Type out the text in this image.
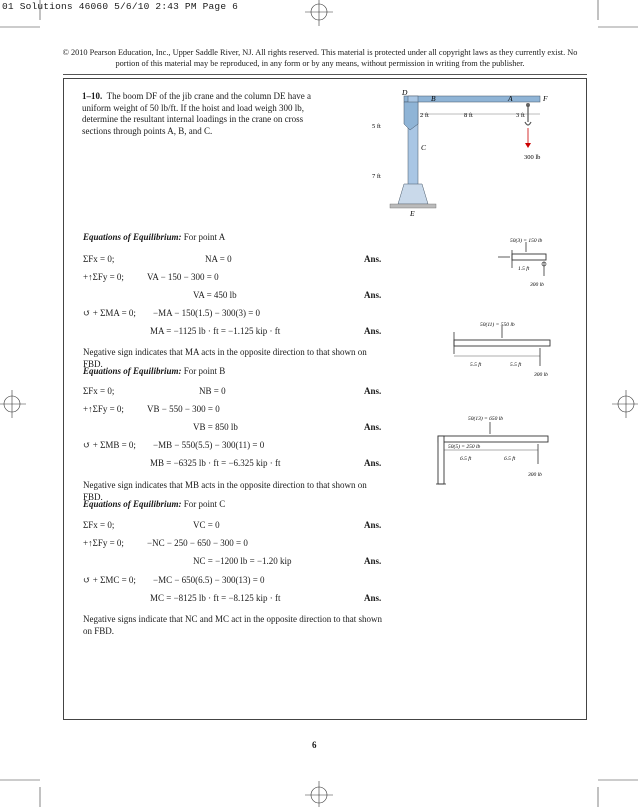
01 Solutions 46060 5/6/10 2:43 PM Page 6
© 2010 Pearson Education, Inc., Upper Saddle River, NJ. All rights reserved. This material is protected under all copyright laws as they currently exist. No portion of this material may be reproduced, in any form or by any means, without permission in writing from the publisher.
1–10. The boom DF of the jib crane and the column DE have a uniform weight of 50 lb/ft. If the hoist and load weigh 300 lb, determine the resultant internal loadings in the crane on cross sections through points A, B, and C.
D
B	A	F
C
E
2 ft	8 ft	3 ft
5 ft
7 ft
300 lb
Equations of Equilibrium: For point A
ΣFx = 0;	NA = 0	Ans.
+↑ΣFy = 0;	VA − 150 − 300 = 0
VA = 450 lb	Ans.
↺ + ΣMA = 0; −MA − 150(1.5) − 300(3) = 0
MA = −1125 lb · ft = −1.125 kip · ft	Ans.
Negative sign indicates that MA acts in the opposite direction to that shown on FBD.
Equations of Equilibrium: For point B
ΣFx = 0;	NB = 0	Ans.
+↑ΣFy = 0;	VB − 550 − 300 = 0
VB = 850 lb	Ans.
↺ + ΣMB = 0; −MB − 550(5.5) − 300(11) = 0
MB = −6325 lb · ft = −6.325 kip · ft	Ans.
Negative sign indicates that MB acts in the opposite direction to that shown on FBD.
Equations of Equilibrium: For point C
ΣFx = 0;	VC = 0	Ans.
+↑ΣFy = 0;	−NC − 250 − 650 − 300 = 0
NC = −1200 lb = −1.20 kip	Ans.
↺ + ΣMC = 0; −MC − 650(6.5) − 300(13) = 0
MC = −8125 lb · ft = −8.125 kip · ft	Ans.
Negative signs indicate that NC and MC act in the opposite direction to that shown on FBD.
50(3) = 150 lb
1.5 ft
300 lb
50(11) = 550 lb
5.5 ft	5.5 ft
300 lb
50(13) = 650 lb
50(5) = 250 lb
6.5 ft	6.5 ft
300 lb
6
